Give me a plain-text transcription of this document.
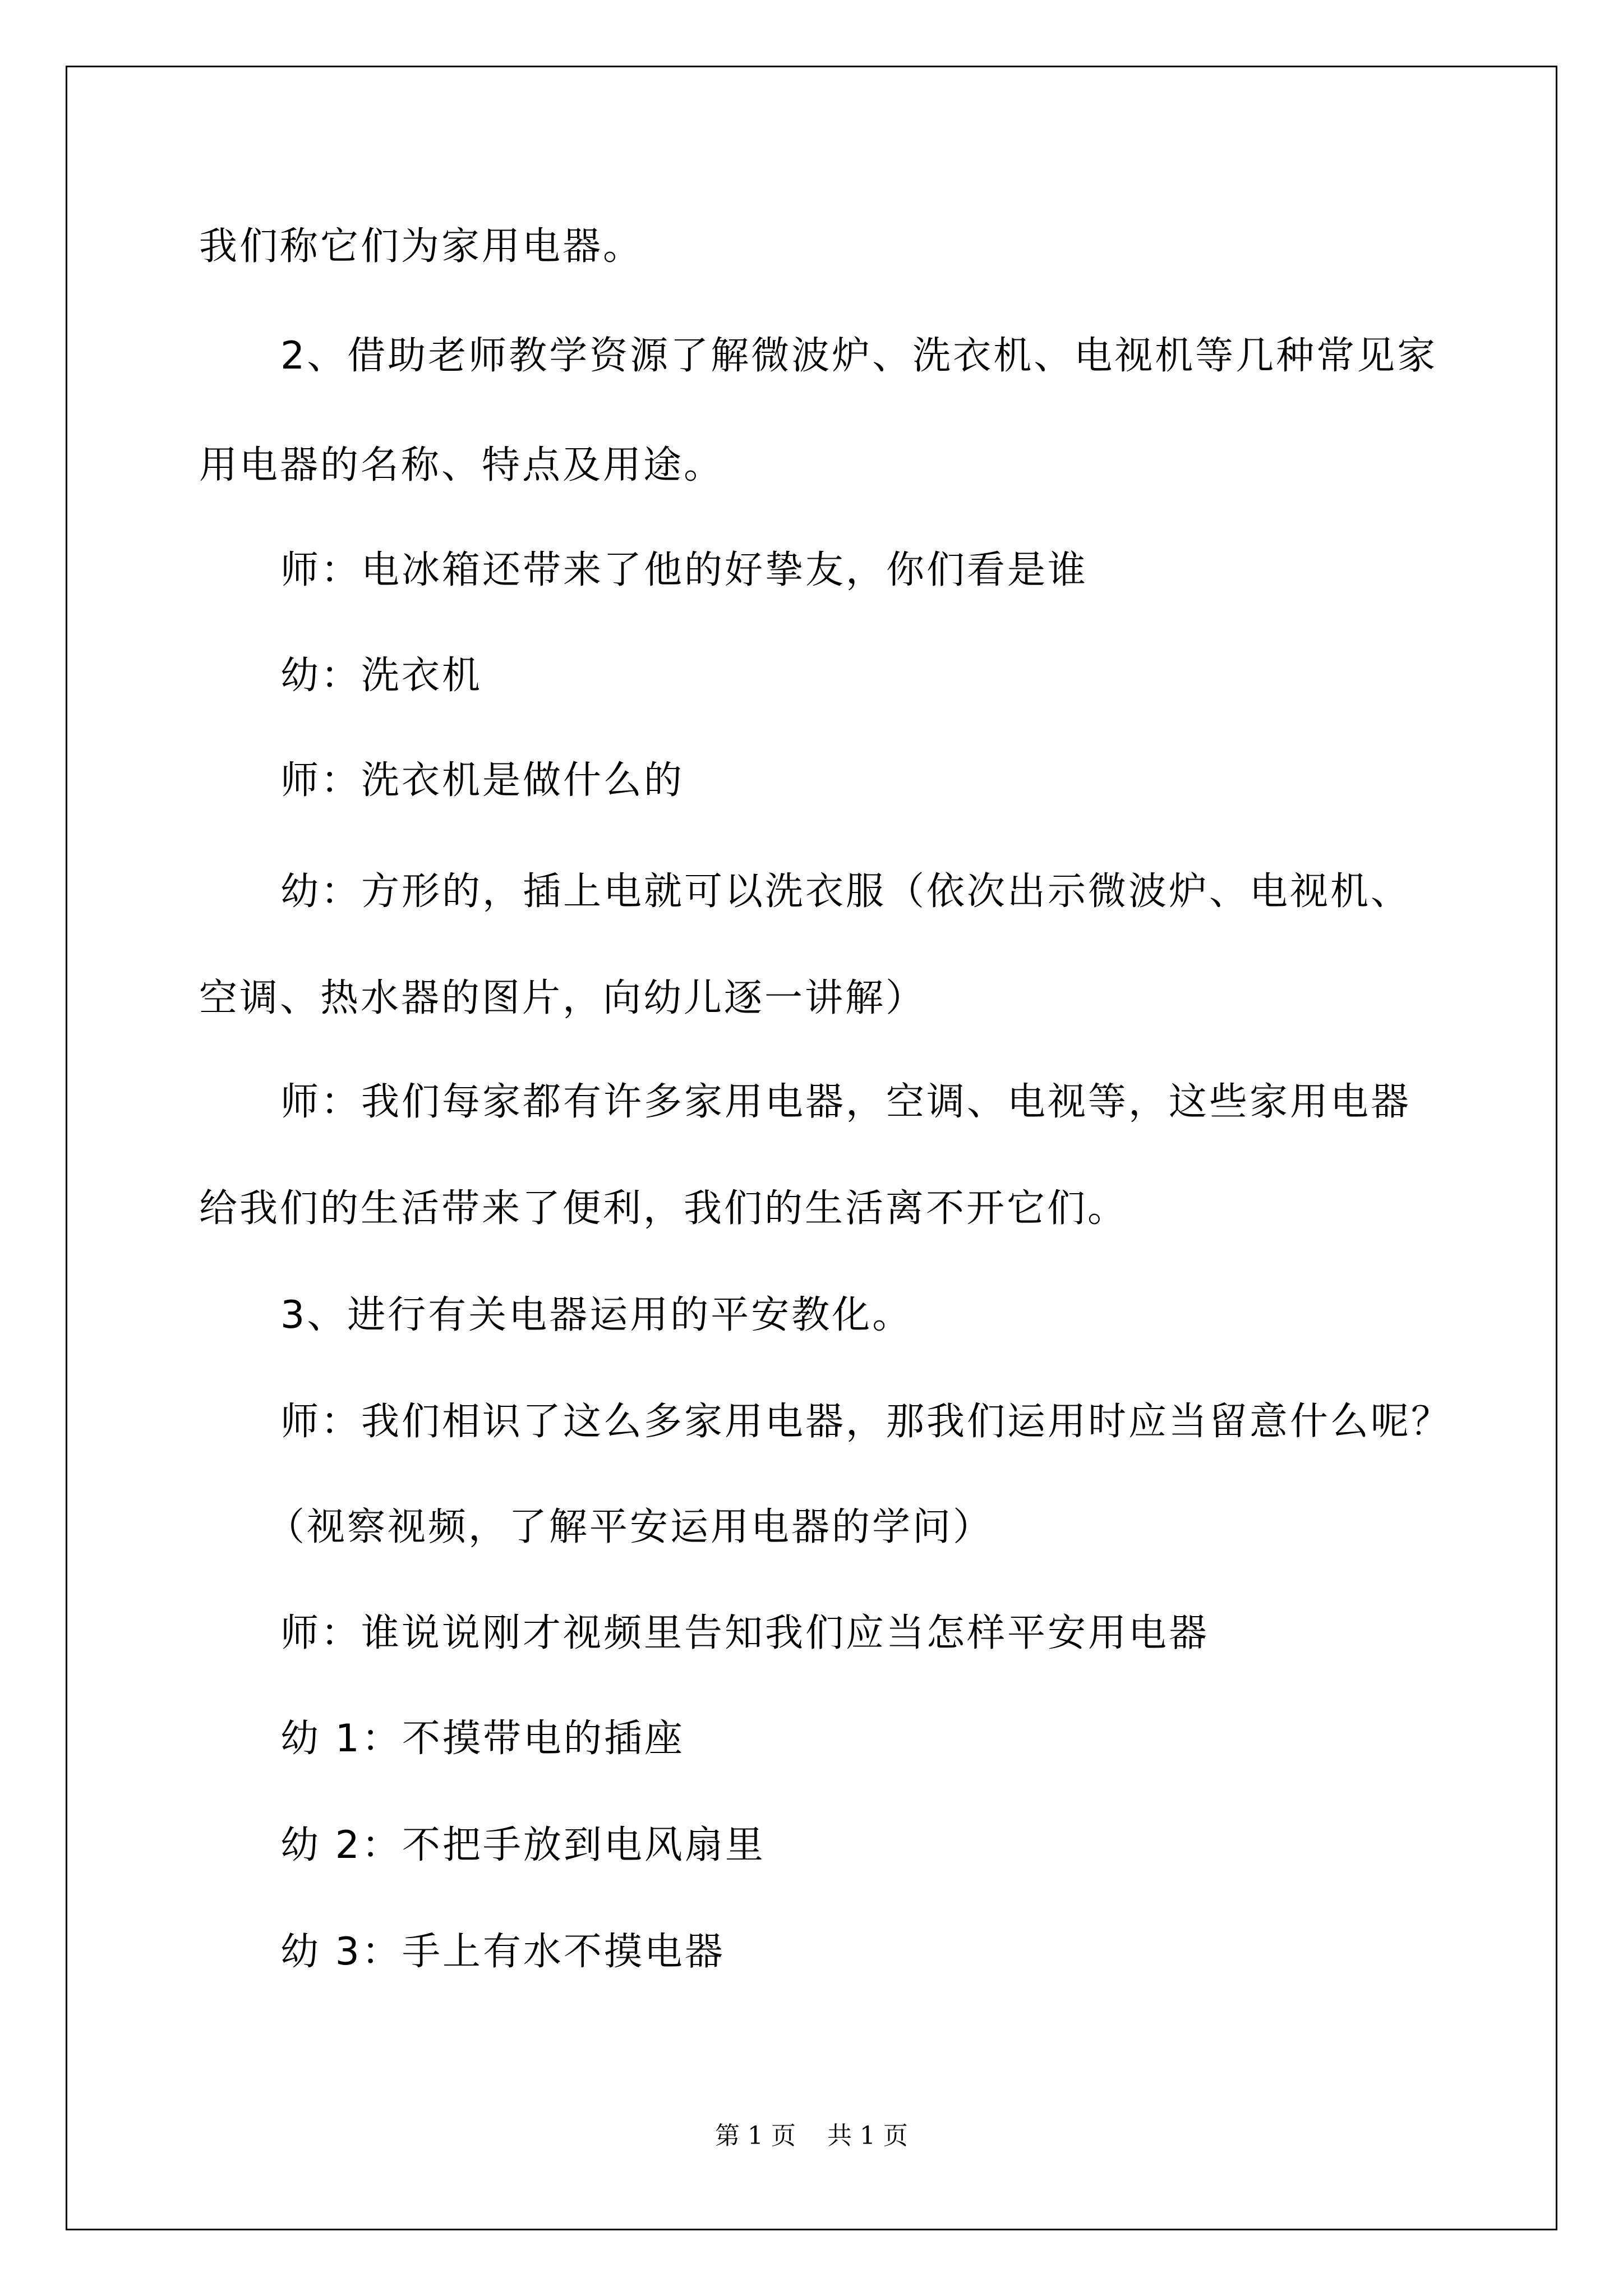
我们称它们为家用电器。
2、借助老师教学资源了解微波炉、洗衣机、电视机等几种常见家
用电器的名称、特点及用途。
师：电冰箱还带来了他的好挚友，你们看是谁
幼：洗衣机
师：洗衣机是做什么的
幼：方形的，插上电就可以洗衣服（依次出示微波炉、电视机、
空调、热水器的图片，向幼儿逐一讲解）
师：我们每家都有许多家用电器，空调、电视等，这些家用电器
给我们的生活带来了便利，我们的生活离不开它们。
3、进行有关电器运用的平安教化。
师：我们相识了这么多家用电器，那我们运用时应当留意什么呢？
（视察视频，了解平安运用电器的学问）
师：谁说说刚才视频里告知我们应当怎样平安用电器
幼 1：不摸带电的插座
幼 2：不把手放到电风扇里
幼 3：手上有水不摸电器
第 1 页    共 1 页
